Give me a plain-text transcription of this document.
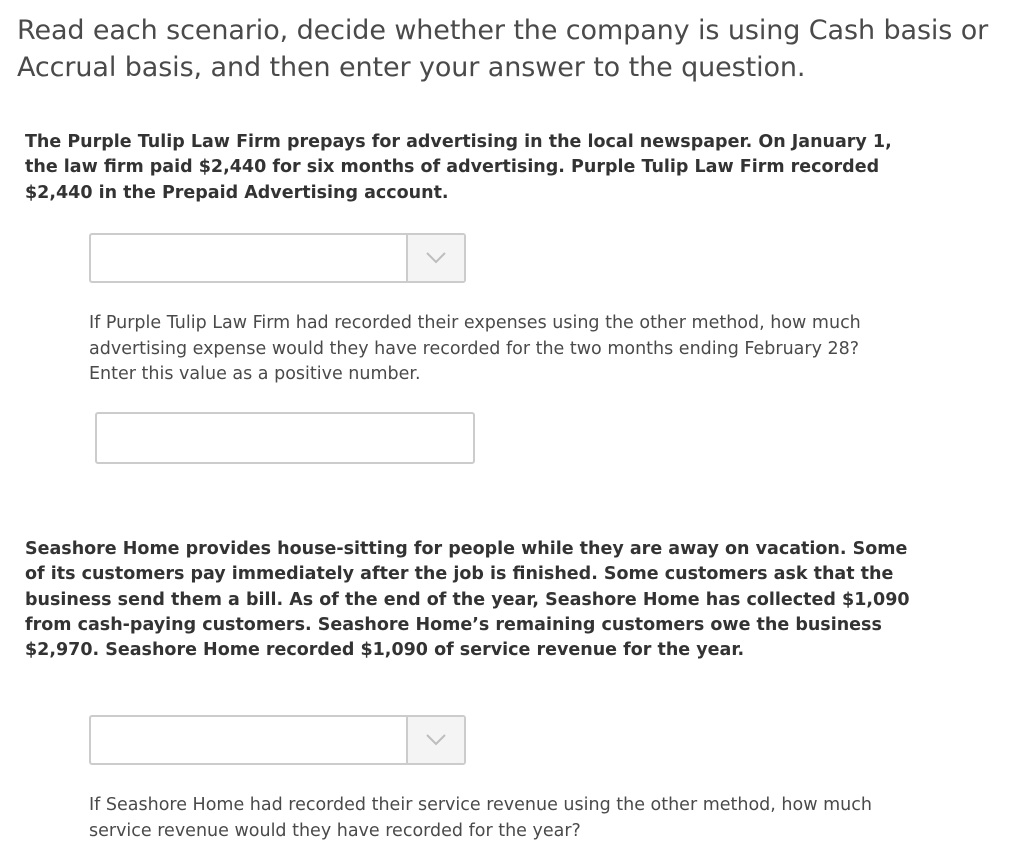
Read each scenario, decide whether the company is using Cash basis or Accrual basis, and then enter your answer to the question.

The Purple Tulip Law Firm prepays for advertising in the local newspaper. On January 1, the law firm paid $2,440 for six months of advertising. Purple Tulip Law Firm recorded $2,440 in the Prepaid Advertising account.

If Purple Tulip Law Firm had recorded their expenses using the other method, how much advertising expense would they have recorded for the two months ending February 28? Enter this value as a positive number.

Seashore Home provides house-sitting for people while they are away on vacation. Some of its customers pay immediately after the job is finished. Some customers ask that the business send them a bill. As of the end of the year, Seashore Home has collected $1,090 from cash-paying customers. Seashore Home’s remaining customers owe the business $2,970. Seashore Home recorded $1,090 of service revenue for the year.

If Seashore Home had recorded their service revenue using the other method, how much service revenue would they have recorded for the year?
